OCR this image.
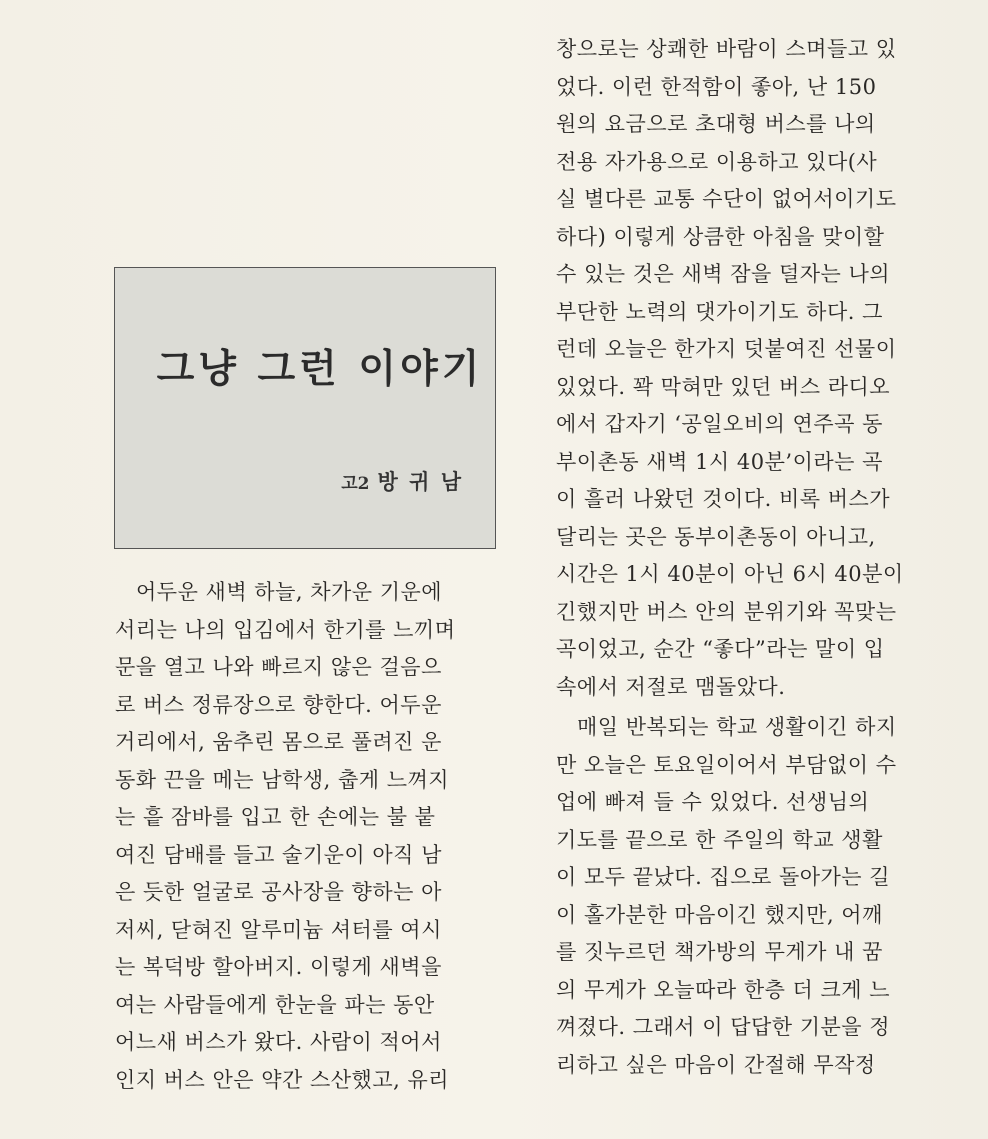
그냥 그런 이야기
고2 방 귀 남
어두운 새벽 하늘, 차가운 기운에
서리는 나의 입김에서 한기를 느끼며
문을 열고 나와 빠르지 않은 걸음으
로 버스 정류장으로 향한다. 어두운
거리에서, 움추린 몸으로 풀려진 운
동화 끈을 메는 남학생, 춥게 느껴지
는 흩 잠바를 입고 한 손에는 불 붙
여진 담배를 들고 술기운이 아직 남
은 듯한 얼굴로 공사장을 향하는 아
저씨, 닫혀진 알루미늄 셔터를 여시
는 복덕방 할아버지. 이렇게 새벽을
여는 사람들에게 한눈을 파는 동안
어느새 버스가 왔다. 사람이 적어서
인지 버스 안은 약간 스산했고, 유리
창으로는 상쾌한 바람이 스며들고 있
었다. 이런 한적함이 좋아, 난 150
원의 요금으로 초대형 버스를 나의
전용 자가용으로 이용하고 있다(사
실 별다른 교통 수단이 없어서이기도
하다) 이렇게 상큼한 아침을 맞이할
수 있는 것은 새벽 잠을 덜자는 나의
부단한 노력의 댓가이기도 하다. 그
런데 오늘은 한가지 덧붙여진 선물이
있었다. 꽉 막혀만 있던 버스 라디오
에서 갑자기 ‘공일오비의 연주곡 동
부이촌동 새벽 1시 40분’이라는 곡
이 흘러 나왔던 것이다. 비록 버스가
달리는 곳은 동부이촌동이 아니고,
시간은 1시 40분이 아닌 6시 40분이
긴했지만 버스 안의 분위기와 꼭맞는
곡이었고, 순간 “좋다”라는 말이 입
속에서 저절로 맴돌았다.
매일 반복되는 학교 생활이긴 하지
만 오늘은 토요일이어서 부담없이 수
업에 빠져 들 수 있었다. 선생님의
기도를 끝으로 한 주일의 학교 생활
이 모두 끝났다. 집으로 돌아가는 길
이 홀가분한 마음이긴 했지만, 어깨
를 짓누르던 책가방의 무게가 내 꿈
의 무게가 오늘따라 한층 더 크게 느
껴졌다. 그래서 이 답답한 기분을 정
리하고 싶은 마음이 간절해 무작정
